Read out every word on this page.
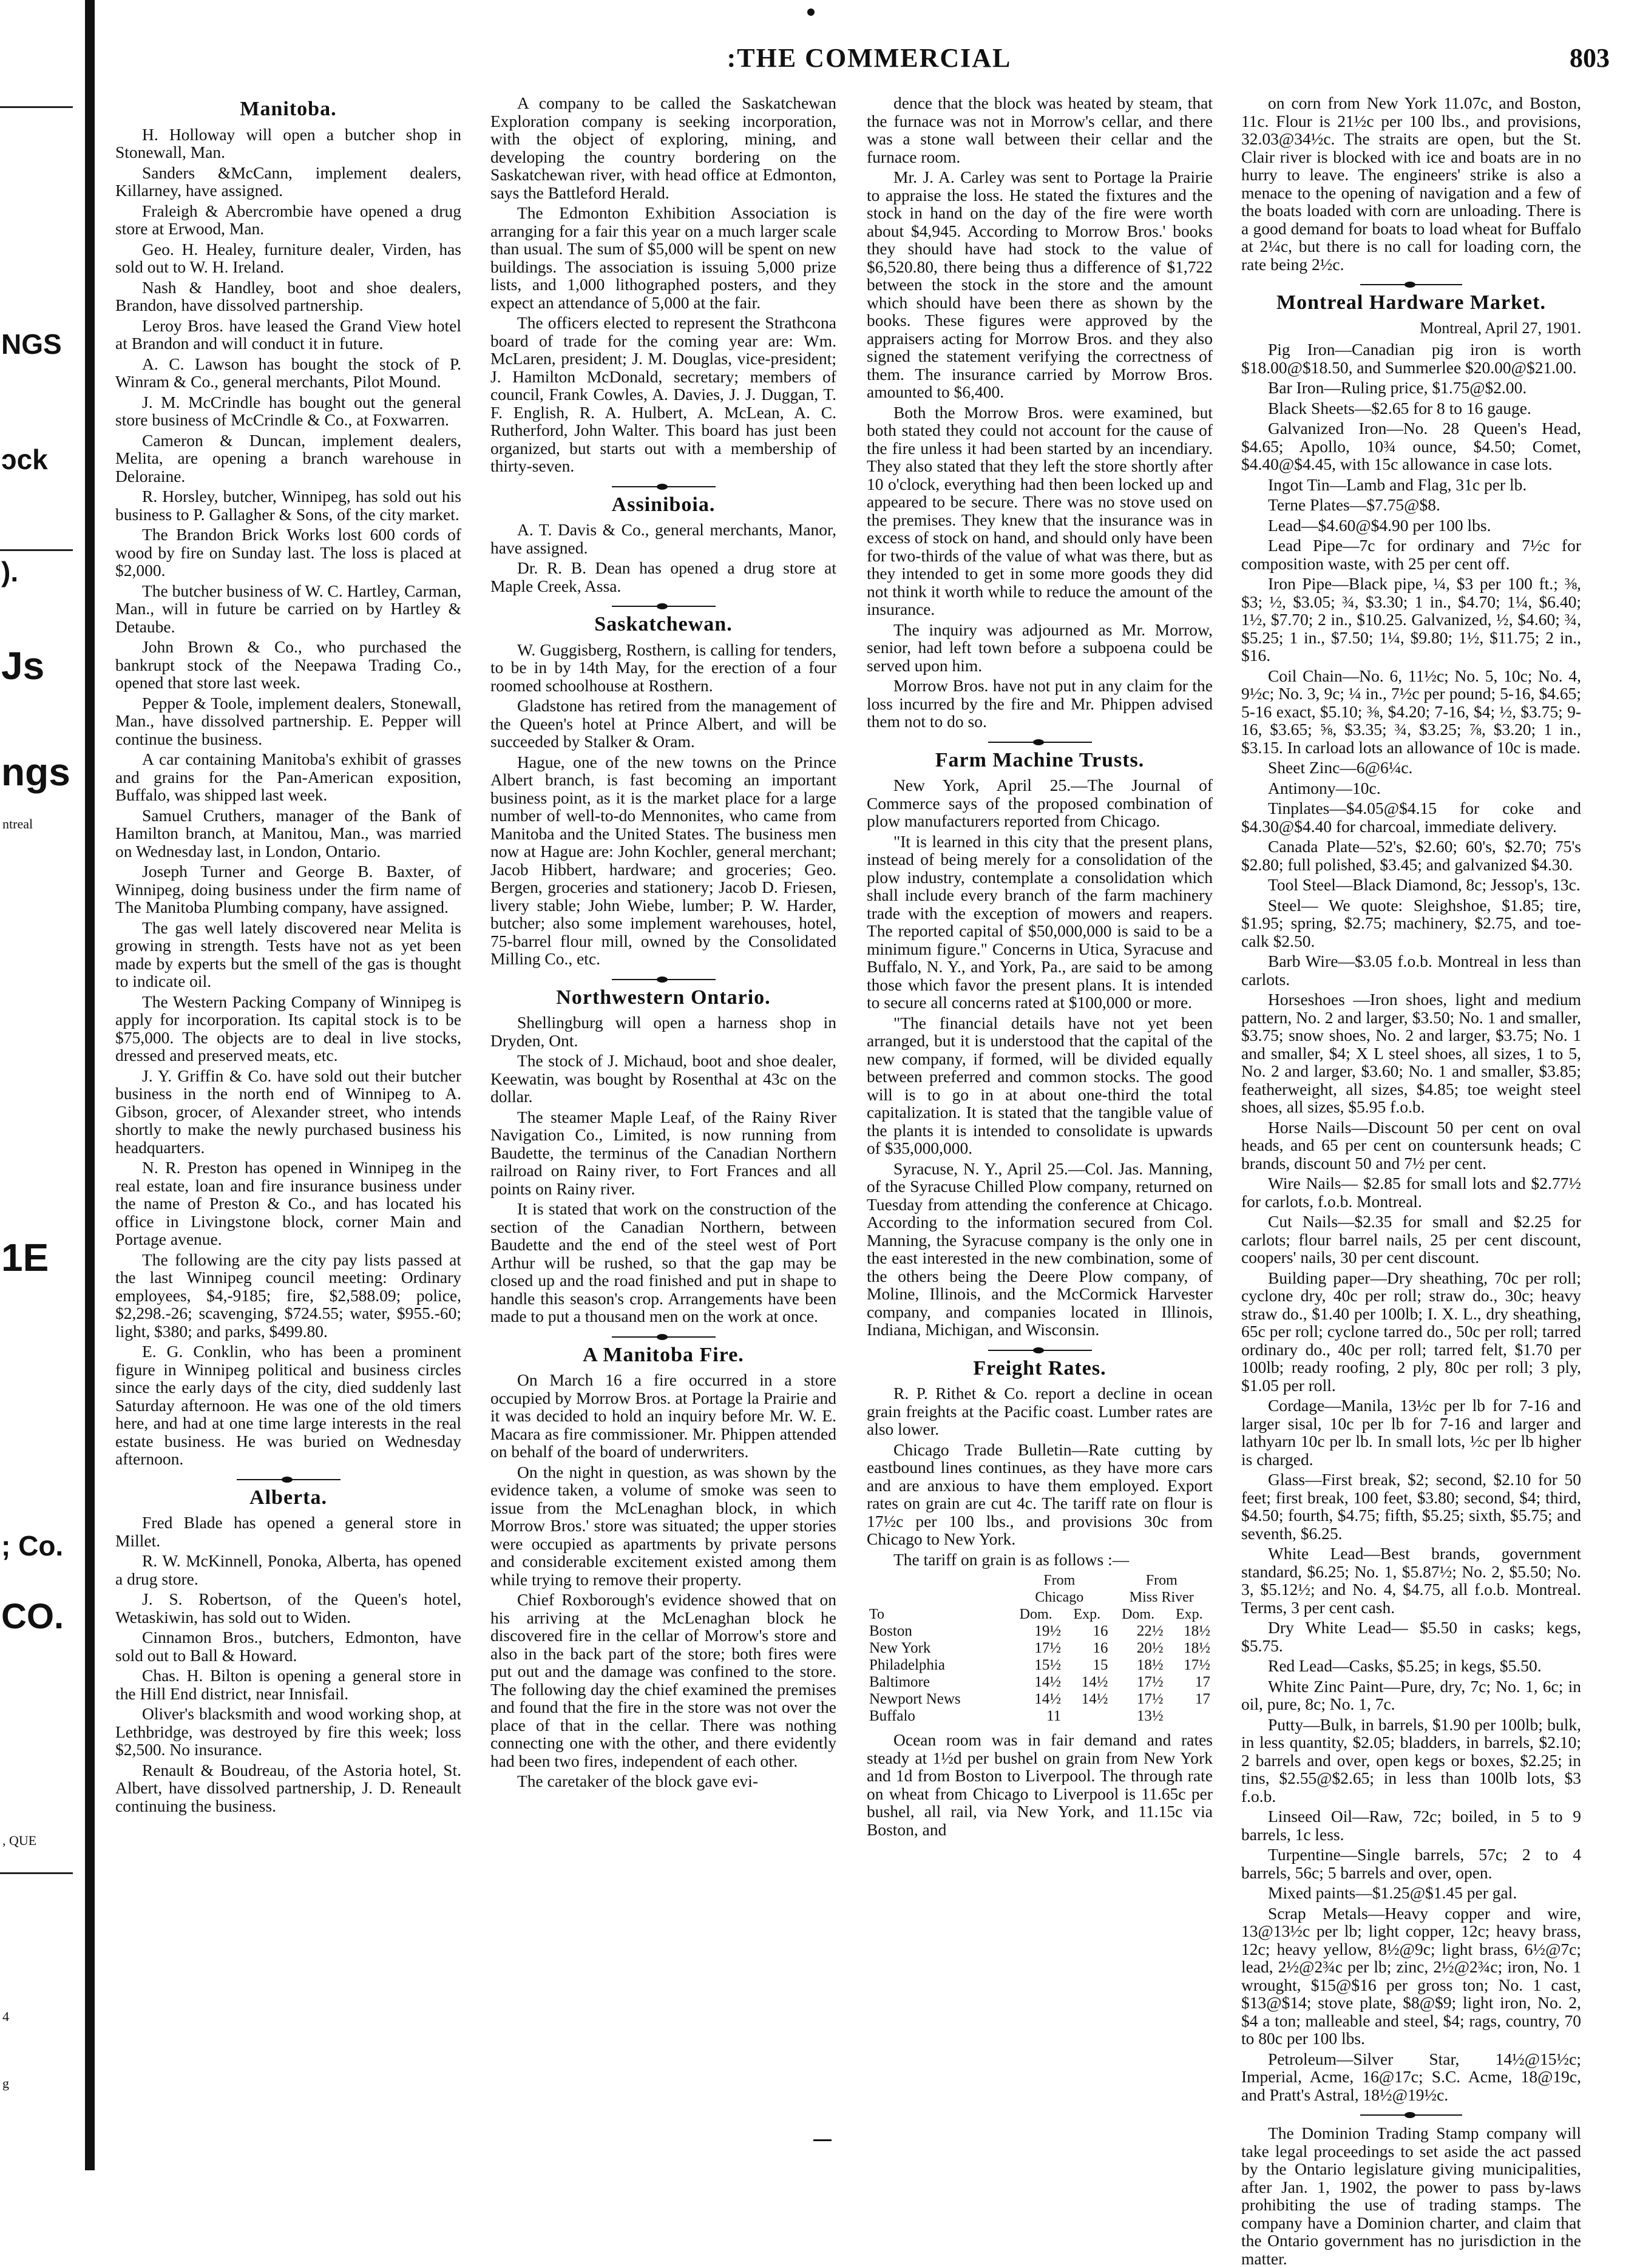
NGS
ɔck
).
Js
ngs
ntreal
1E
; Co.
CO.
, QUE
4
g
:THE COMMERCIAL	803
Manitoba.

H. Holloway will open a butcher shop in Stonewall, Man.

Sanders &McCann, implement dealers, Killarney, have assigned.

Fraleigh & Abercrombie have opened a drug store at Erwood, Man.

Geo. H. Healey, furniture dealer, Virden, has sold out to W. H. Ireland.

Nash & Handley, boot and shoe dealers, Brandon, have dissolved partnership.

Leroy Bros. have leased the Grand View hotel at Brandon and will conduct it in future.

A. C. Lawson has bought the stock of P. Winram & Co., general merchants, Pilot Mound.

J. M. McCrindle has bought out the general store business of McCrindle & Co., at Foxwarren.

Cameron & Duncan, implement dealers, Melita, are opening a branch warehouse in Deloraine.

R. Horsley, butcher, Winnipeg, has sold out his business to P. Gallagher & Sons, of the city market.

The Brandon Brick Works lost 600 cords of wood by fire on Sunday last. The loss is placed at $2,000.

The butcher business of W. C. Hartley, Carman, Man., will in future be carried on by Hartley & Detaube.

John Brown & Co., who purchased the bankrupt stock of the Neepawa Trading Co., opened that store last week.

Pepper & Toole, implement dealers, Stonewall, Man., have dissolved partnership. E. Pepper will continue the business.

A car containing Manitoba's exhibit of grasses and grains for the Pan-American exposition, Buffalo, was shipped last week.

Samuel Cruthers, manager of the Bank of Hamilton branch, at Manitou, Man., was married on Wednesday last, in London, Ontario.

Joseph Turner and George B. Baxter, of Winnipeg, doing business under the firm name of The Manitoba Plumbing company, have assigned.

The gas well lately discovered near Melita is growing in strength. Tests have not as yet been made by experts but the smell of the gas is thought to indicate oil.

The Western Packing Company of Winnipeg is apply for incorporation. Its capital stock is to be $75,000. The objects are to deal in live stocks, dressed and preserved meats, etc.

J. Y. Griffin & Co. have sold out their butcher business in the north end of Winnipeg to A. Gibson, grocer, of Alexander street, who intends shortly to make the newly purchased business his headquarters.

N. R. Preston has opened in Winnipeg in the real estate, loan and fire insurance business under the name of Preston & Co., and has located his office in Livingstone block, corner Main and Portage avenue.

The following are the city pay lists passed at the last Winnipeg council meeting: Ordinary employees, $4,-9185; fire, $2,588.09; police, $2,298.-26; scavenging, $724.55; water, $955.-60; light, $380; and parks, $499.80.

E. G. Conklin, who has been a prominent figure in Winnipeg political and business circles since the early days of the city, died suddenly last Saturday afternoon. He was one of the old timers here, and had at one time large interests in the real estate business. He was buried on Wednesday afternoon.

Alberta.

Fred Blade has opened a general store in Millet.

R. W. McKinnell, Ponoka, Alberta, has opened a drug store.

J. S. Robertson, of the Queen's hotel, Wetaskiwin, has sold out to Widen.

Cinnamon Bros., butchers, Edmonton, have sold out to Ball & Howard.

Chas. H. Bilton is opening a general store in the Hill End district, near Innisfail.

Oliver's blacksmith and wood working shop, at Lethbridge, was destroyed by fire this week; loss $2,500. No insurance.

Renault & Boudreau, of the Astoria hotel, St. Albert, have dissolved partnership, J. D. Reneault continuing the business.

A company to be called the Saskatchewan Exploration company is seeking incorporation, with the object of exploring, mining, and developing the country bordering on the Saskatchewan river, with head office at Edmonton, says the Battleford Herald.

The Edmonton Exhibition Association is arranging for a fair this year on a much larger scale than usual. The sum of $5,000 will be spent on new buildings. The association is issuing 5,000 prize lists, and 1,000 lithographed posters, and they expect an attendance of 5,000 at the fair.

The officers elected to represent the Strathcona board of trade for the coming year are: Wm. McLaren, president; J. M. Douglas, vice-president; J. Hamilton McDonald, secretary; members of council, Frank Cowles, A. Davies, J. J. Duggan, T. F. English, R. A. Hulbert, A. McLean, A. C. Rutherford, John Walter. This board has just been organized, but starts out with a membership of thirty-seven.

Assiniboia.

A. T. Davis & Co., general merchants, Manor, have assigned.

Dr. R. B. Dean has opened a drug store at Maple Creek, Assa.

Saskatchewan.

W. Guggisberg, Rosthern, is calling for tenders, to be in by 14th May, for the erection of a four roomed schoolhouse at Rosthern.

Gladstone has retired from the management of the Queen's hotel at Prince Albert, and will be succeeded by Stalker & Oram.

Hague, one of the new towns on the Prince Albert branch, is fast becoming an important business point, as it is the market place for a large number of well-to-do Mennonites, who came from Manitoba and the United States. The business men now at Hague are: John Kochler, general merchant; Jacob Hibbert, hardware; and groceries; Geo. Bergen, groceries and stationery; Jacob D. Friesen, livery stable; John Wiebe, lumber; P. W. Harder, butcher; also some implement warehouses, hotel, 75-barrel flour mill, owned by the Consolidated Milling Co., etc.

Northwestern Ontario.

Shellingburg will open a harness shop in Dryden, Ont.

The stock of J. Michaud, boot and shoe dealer, Keewatin, was bought by Rosenthal at 43c on the dollar.

The steamer Maple Leaf, of the Rainy River Navigation Co., Limited, is now running from Baudette, the terminus of the Canadian Northern railroad on Rainy river, to Fort Frances and all points on Rainy river.

It is stated that work on the construction of the section of the Canadian Northern, between Baudette and the end of the steel west of Port Arthur will be rushed, so that the gap may be closed up and the road finished and put in shape to handle this season's crop. Arrangements have been made to put a thousand men on the work at once.

A Manitoba Fire.

On March 16 a fire occurred in a store occupied by Morrow Bros. at Portage la Prairie and it was decided to hold an inquiry before Mr. W. E. Macara as fire commissioner. Mr. Phippen attended on behalf of the board of underwriters.

On the night in question, as was shown by the evidence taken, a volume of smoke was seen to issue from the McLenaghan block, in which Morrow Bros.' store was situated; the upper stories were occupied as apartments by private persons and considerable excitement existed among them while trying to remove their property.

Chief Roxborough's evidence showed that on his arriving at the McLenaghan block he discovered fire in the cellar of Morrow's store and also in the back part of the store; both fires were put out and the damage was confined to the store. The following day the chief examined the premises and found that the fire in the store was not over the place of that in the cellar. There was nothing connecting one with the other, and there evidently had been two fires, independent of each other.

The caretaker of the block gave evi-

dence that the block was heated by steam, that the furnace was not in Morrow's cellar, and there was a stone wall between their cellar and the furnace room.

Mr. J. A. Carley was sent to Portage la Prairie to appraise the loss. He stated the fixtures and the stock in hand on the day of the fire were worth about $4,945. According to Morrow Bros.' books they should have had stock to the value of $6,520.80, there being thus a difference of $1,722 between the stock in the store and the amount which should have been there as shown by the books. These figures were approved by the appraisers acting for Morrow Bros. and they also signed the statement verifying the correctness of them. The insurance carried by Morrow Bros. amounted to $6,400.

Both the Morrow Bros. were examined, but both stated they could not account for the cause of the fire unless it had been started by an incendiary. They also stated that they left the store shortly after 10 o'clock, everything had then been locked up and appeared to be secure. There was no stove used on the premises. They knew that the insurance was in excess of stock on hand, and should only have been for two-thirds of the value of what was there, but as they intended to get in some more goods they did not think it worth while to reduce the amount of the insurance.

The inquiry was adjourned as Mr. Morrow, senior, had left town before a subpoena could be served upon him.

Morrow Bros. have not put in any claim for the loss incurred by the fire and Mr. Phippen advised them not to do so.

Farm Machine Trusts.

New York, April 25.—The Journal of Commerce says of the proposed combination of plow manufacturers reported from Chicago.

"It is learned in this city that the present plans, instead of being merely for a consolidation of the plow industry, contemplate a consolidation which shall include every branch of the farm machinery trade with the exception of mowers and reapers. The reported capital of $50,000,000 is said to be a minimum figure." Concerns in Utica, Syracuse and Buffalo, N. Y., and York, Pa., are said to be among those which favor the present plans. It is intended to secure all concerns rated at $100,000 or more.

"The financial details have not yet been arranged, but it is understood that the capital of the new company, if formed, will be divided equally between preferred and common stocks. The good will is to go in at about one-third the total capitalization. It is stated that the tangible value of the plants it is intended to consolidate is upwards of $35,000,000.

Syracuse, N. Y., April 25.—Col. Jas. Manning, of the Syracuse Chilled Plow company, returned on Tuesday from attending the conference at Chicago. According to the information secured from Col. Manning, the Syracuse company is the only one in the east interested in the new combination, some of the others being the Deere Plow company, of Moline, Illinois, and the McCormick Harvester company, and companies located in Illinois, Indiana, Michigan, and Wisconsin.

Freight Rates.

R. P. Rithet & Co. report a decline in ocean grain freights at the Pacific coast. Lumber rates are also lower.

Chicago Trade Bulletin—Rate cutting by eastbound lines continues, as they have more cars and are anxious to have them employed. Export rates on grain are cut 4c. The tariff rate on flour is 17½c per 100 lbs., and provisions 30c from Chicago to New York.

The tariff on grain is as follows :—

	From		From	
	Chicago		Miss River	
To	Dom.	Exp.	Dom.	Exp.
Boston	19½	16	22½	18½
New York	17½	16	20½	18½
Philadelphia	15½	15	18½	17½
Baltimore	14½	14½	17½	17
Newport News	14½	14½	17½	17
Buffalo	11		13½	

Ocean room was in fair demand and rates steady at 1½d per bushel on grain from New York and 1d from Boston to Liverpool. The through rate on wheat from Chicago to Liverpool is 11.65c per bushel, all rail, via New York, and 11.15c via Boston, and

on corn from New York 11.07c, and Boston, 11c. Flour is 21½c per 100 lbs., and provisions, 32.03@34½c. The straits are open, but the St. Clair river is blocked with ice and boats are in no hurry to leave. The engineers' strike is also a menace to the opening of navigation and a few of the boats loaded with corn are unloading. There is a good demand for boats to load wheat for Buffalo at 2¼c, but there is no call for loading corn, the rate being 2½c.

Montreal Hardware Market.
Montreal, April 27, 1901.

Pig Iron—Canadian pig iron is worth $18.00@$18.50, and Summerlee $20.00@$21.00.

Bar Iron—Ruling price, $1.75@$2.00.

Black Sheets—$2.65 for 8 to 16 gauge.

Galvanized Iron—No. 28 Queen's Head, $4.65; Apollo, 10¾ ounce, $4.50; Comet, $4.40@$4.45, with 15c allowance in case lots.

Ingot Tin—Lamb and Flag, 31c per lb.

Terne Plates—$7.75@$8.

Lead—$4.60@$4.90 per 100 lbs.

Lead Pipe—7c for ordinary and 7½c for composition waste, with 25 per cent off.

Iron Pipe—Black pipe, ¼, $3 per 100 ft.; ⅜, $3; ½, $3.05; ¾, $3.30; 1 in., $4.70; 1¼, $6.40; 1½, $7.70; 2 in., $10.25. Galvanized, ½, $4.60; ¾, $5.25; 1 in., $7.50; 1¼, $9.80; 1½, $11.75; 2 in., $16.

Coil Chain—No. 6, 11½c; No. 5, 10c; No. 4, 9½c; No. 3, 9c; ¼ in., 7½c per pound; 5-16, $4.65; 5-16 exact, $5.10; ⅜, $4.20; 7-16, $4; ½, $3.75; 9-16, $3.65; ⅝, $3.35; ¾, $3.25; ⅞, $3.20; 1 in., $3.15. In carload lots an allowance of 10c is made.

Sheet Zinc—6@6¼c.

Antimony—10c.

Tinplates—$4.05@$4.15 for coke and $4.30@$4.40 for charcoal, immediate delivery.

Canada Plate—52's, $2.60; 60's, $2.70; 75's $2.80; full polished, $3.45; and galvanized $4.30.

Tool Steel—Black Diamond, 8c; Jessop's, 13c.

Steel— We quote: Sleighshoe, $1.85; tire, $1.95; spring, $2.75; machinery, $2.75, and toe-calk $2.50.

Barb Wire—$3.05 f.o.b. Montreal in less than carlots.

Horseshoes —Iron shoes, light and medium pattern, No. 2 and larger, $3.50; No. 1 and smaller, $3.75; snow shoes, No. 2 and larger, $3.75; No. 1 and smaller, $4; X L steel shoes, all sizes, 1 to 5, No. 2 and larger, $3.60; No. 1 and smaller, $3.85; featherweight, all sizes, $4.85; toe weight steel shoes, all sizes, $5.95 f.o.b.

Horse Nails—Discount 50 per cent on oval heads, and 65 per cent on countersunk heads; C brands, discount 50 and 7½ per cent.

Wire Nails— $2.85 for small lots and $2.77½ for carlots, f.o.b. Montreal.

Cut Nails—$2.35 for small and $2.25 for carlots; flour barrel nails, 25 per cent discount, coopers' nails, 30 per cent discount.

Building paper—Dry sheathing, 70c per roll; cyclone dry, 40c per roll; straw do., 30c; heavy straw do., $1.40 per 100lb; I. X. L., dry sheathing, 65c per roll; cyclone tarred do., 50c per roll; tarred ordinary do., 40c per roll; tarred felt, $1.70 per 100lb; ready roofing, 2 ply, 80c per roll; 3 ply, $1.05 per roll.

Cordage—Manila, 13½c per lb for 7-16 and larger sisal, 10c per lb for 7-16 and larger and lathyarn 10c per lb. In small lots, ½c per lb higher is charged.

Glass—First break, $2; second, $2.10 for 50 feet; first break, 100 feet, $3.80; second, $4; third, $4.50; fourth, $4.75; fifth, $5.25; sixth, $5.75; and seventh, $6.25.

White Lead—Best brands, government standard, $6.25; No. 1, $5.87½; No. 2, $5.50; No. 3, $5.12½; and No. 4, $4.75, all f.o.b. Montreal. Terms, 3 per cent cash.

Dry White Lead— $5.50 in casks; kegs, $5.75.

Red Lead—Casks, $5.25; in kegs, $5.50.

White Zinc Paint—Pure, dry, 7c; No. 1, 6c; in oil, pure, 8c; No. 1, 7c.

Putty—Bulk, in barrels, $1.90 per 100lb; bulk, in less quantity, $2.05; bladders, in barrels, $2.10; 2 barrels and over, open kegs or boxes, $2.25; in tins, $2.55@$2.65; in less than 100lb lots, $3 f.o.b.

Linseed Oil—Raw, 72c; boiled, in 5 to 9 barrels, 1c less.

Turpentine—Single barrels, 57c; 2 to 4 barrels, 56c; 5 barrels and over, open.

Mixed paints—$1.25@$1.45 per gal.

Scrap Metals—Heavy copper and wire, 13@13½c per lb; light copper, 12c; heavy brass, 12c; heavy yellow, 8½@9c; light brass, 6½@7c; lead, 2½@2¾c per lb; zinc, 2½@2¾c; iron, No. 1 wrought, $15@$16 per gross ton; No. 1 cast, $13@$14; stove plate, $8@$9; light iron, No. 2, $4 a ton; malleable and steel, $4; rags, country, 70 to 80c per 100 lbs.

Petroleum—Silver Star, 14½@15½c; Imperial, Acme, 16@17c; S.C. Acme, 18@19c, and Pratt's Astral, 18½@19½c.

The Dominion Trading Stamp company will take legal proceedings to set aside the act passed by the Ontario legislature giving municipalities, after Jan. 1, 1902, the power to pass by-laws prohibiting the use of trading stamps. The company have a Dominion charter, and claim that the Ontario government has no jurisdiction in the matter.
